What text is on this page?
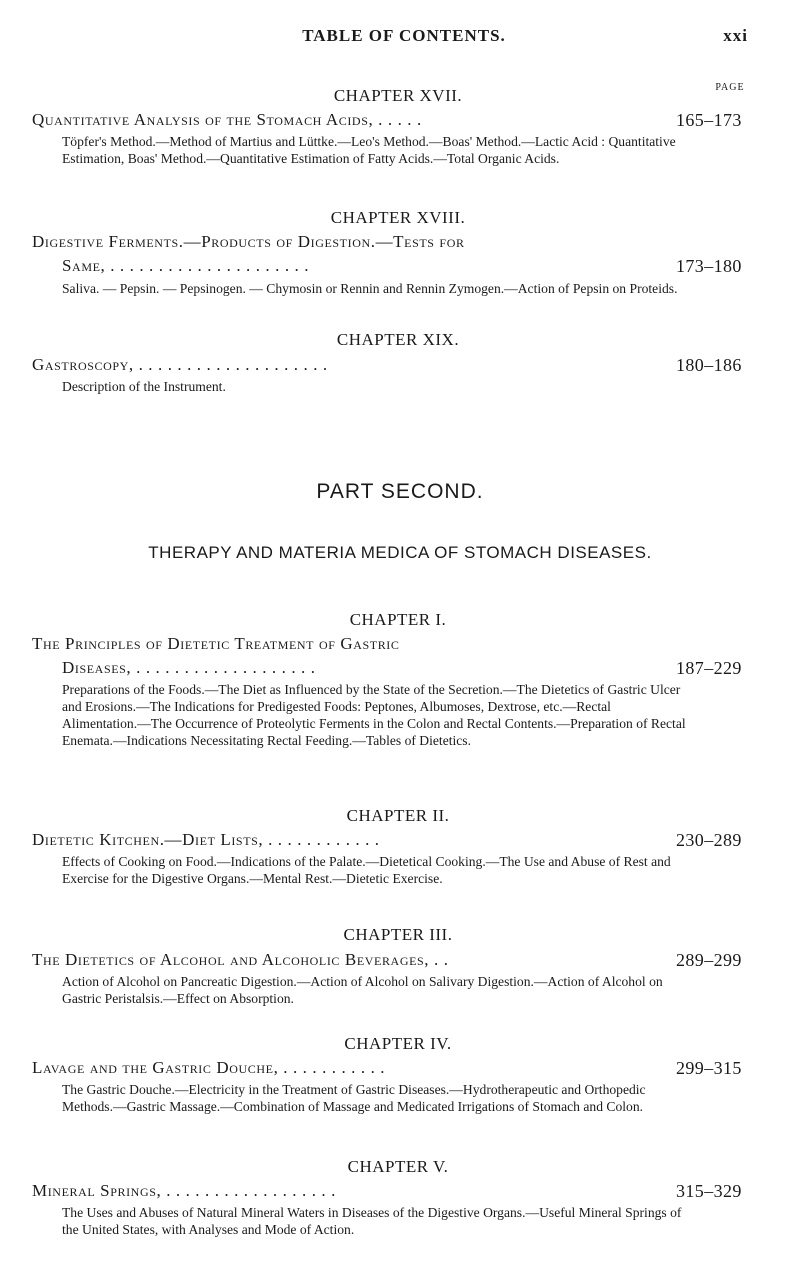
TABLE OF CONTENTS.	xxi
PAGE
CHAPTER XVII.
Quantitative Analysis of the Stomach Acids, . . . . .	165–173
Töpfer's Method.—Method of Martius and Lüttke.—Leo's Method.—Boas' Method.—Lactic Acid : Quantitative Estimation, Boas' Method.—Quantitative Estimation of Fatty Acids.—Total Organic Acids.
CHAPTER XVIII.
Digestive Ferments.—Products of Digestion.—Tests for
Same, . . . . . . . . . . . . . . . . . . . . .	173–180
Saliva. — Pepsin. — Pepsinogen. — Chymosin or Rennin and Rennin Zymogen.—Action of Pepsin on Proteids.
CHAPTER XIX.
Gastroscopy, . . . . . . . . . . . . . . . . . . . .	180–186
Description of the Instrument.
PART SECOND.
THERAPY AND MATERIA MEDICA OF STOMACH DISEASES.
CHAPTER I.
The Principles of Dietetic Treatment of Gastric
Diseases, . . . . . . . . . . . . . . . . . . .	187–229
Preparations of the Foods.—The Diet as Influenced by the State of the Secretion.—The Dietetics of Gastric Ulcer and Erosions.—The Indications for Predigested Foods: Peptones, Albumoses, Dextrose, etc.—Rectal Alimentation.—The Occurrence of Proteolytic Ferments in the Colon and Rectal Contents.—Preparation of Rectal Enemata.—Indications Necessitating Rectal Feeding.—Tables of Dietetics.
CHAPTER II.
Dietetic Kitchen.—Diet Lists, . . . . . . . . . . . .	230–289
Effects of Cooking on Food.—Indications of the Palate.—Dietetical Cooking.—The Use and Abuse of Rest and Exercise for the Digestive Organs.—Mental Rest.—Dietetic Exercise.
CHAPTER III.
The Dietetics of Alcohol and Alcoholic Beverages, . .	289–299
Action of Alcohol on Pancreatic Digestion.—Action of Alcohol on Salivary Digestion.—Action of Alcohol on Gastric Peristalsis.—Effect on Absorption.
CHAPTER IV.
Lavage and the Gastric Douche, . . . . . . . . . . .	299–315
The Gastric Douche.—Electricity in the Treatment of Gastric Diseases.—Hydrotherapeutic and Orthopedic Methods.—Gastric Massage.—Combination of Massage and Medicated Irrigations of Stomach and Colon.
CHAPTER V.
Mineral Springs, . . . . . . . . . . . . . . . . . .	315–329
The Uses and Abuses of Natural Mineral Waters in Diseases of the Digestive Organs.—Useful Mineral Springs of the United States, with Analyses and Mode of Action.
